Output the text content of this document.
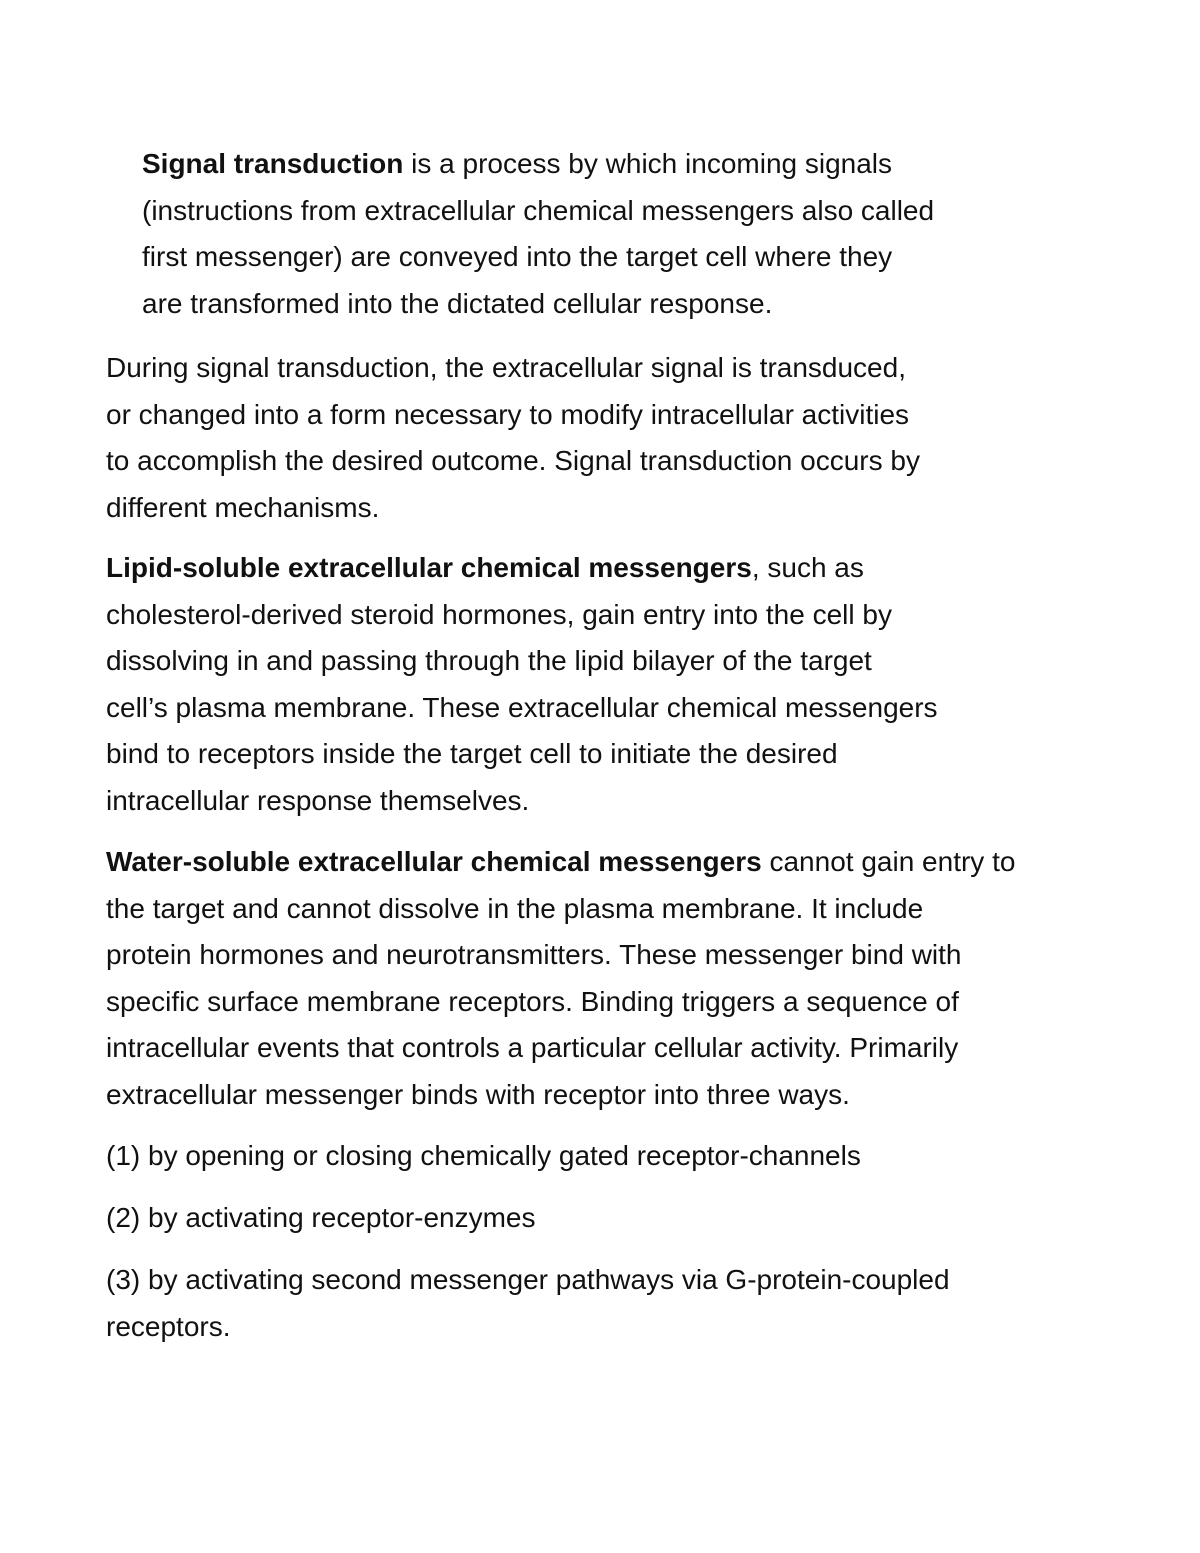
Signal transduction is a process by which incoming signals
(instructions from extracellular chemical messengers also called
first messenger) are conveyed into the target cell where they
are transformed into the dictated cellular response.

During signal transduction, the extracellular signal is transduced,
or changed into a form necessary to modify intracellular activities
to accomplish the desired outcome. Signal transduction occurs by
different mechanisms.

Lipid-soluble extracellular chemical messengers, such as
cholesterol-derived steroid hormones, gain entry into the cell by
dissolving in and passing through the lipid bilayer of the target
cell’s plasma membrane. These extracellular chemical messengers
bind to receptors inside the target cell to initiate the desired
intracellular response themselves.

Water-soluble extracellular chemical messengers cannot gain entry to
the target and cannot dissolve in the plasma membrane. It include
protein hormones and neurotransmitters. These messenger bind with
specific surface membrane receptors. Binding triggers a sequence of
intracellular events that controls a particular cellular activity. Primarily
extracellular messenger binds with receptor into three ways.

(1) by opening or closing chemically gated receptor-channels

(2) by activating receptor-enzymes

(3) by activating second messenger pathways via G-protein-coupled
receptors.
